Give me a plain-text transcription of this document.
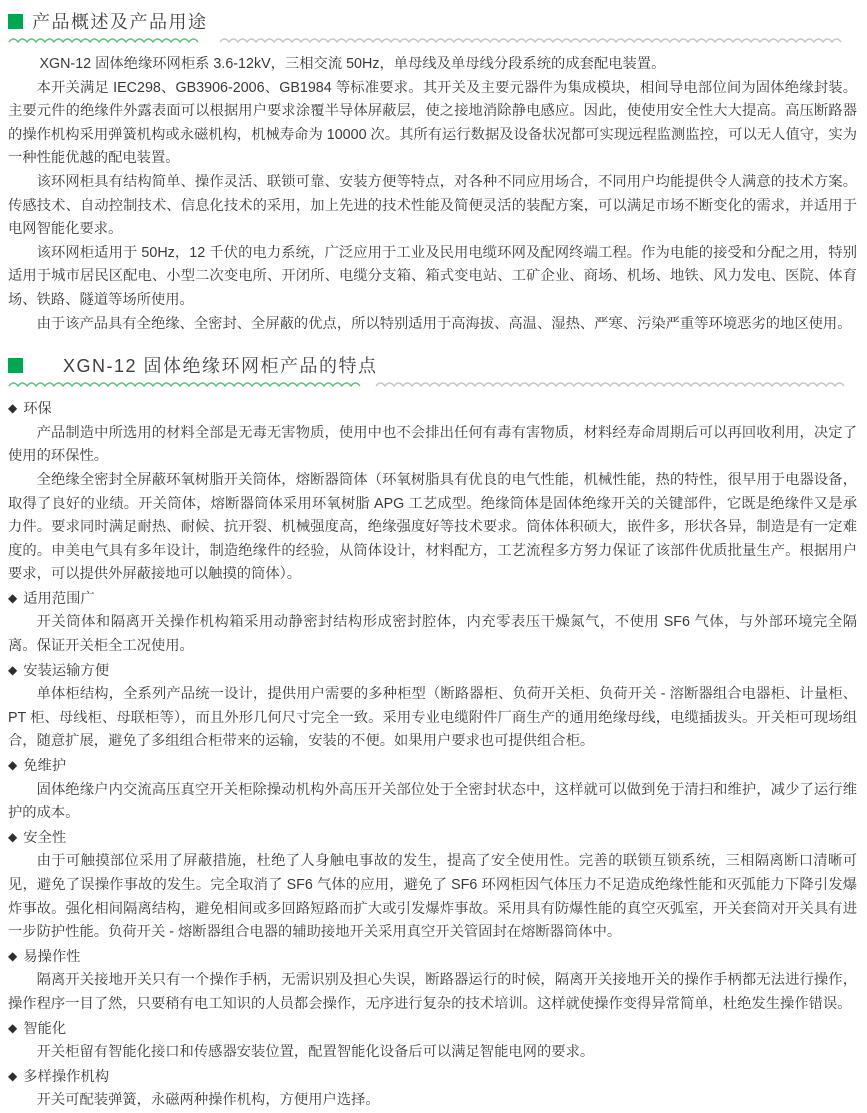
产品概述及产品用途

XGN-12 固体绝缘环网柜系 3.6-12kV，三相交流 50Hz，单母线及单母线分段系统的成套配电装置。

本开关满足 IEC298、GB3906-2006、GB1984 等标准要求。其开关及主要元器件为集成模块，相间导电部位间为固体绝缘封装。主要元件的绝缘件外露表面可以根据用户要求涂覆半导体屏蔽层，使之接地消除静电感应。因此，使使用安全性大大提高。高压断路器的操作机构采用弹簧机构或永磁机构，机械寿命为 10000 次。其所有运行数据及设备状况都可实现远程监测监控，可以无人值守，实为一种性能优越的配电装置。

该环网柜具有结构简单、操作灵活、联锁可靠、安装方便等特点，对各种不同应用场合，不同用户均能提供令人满意的技术方案。传感技术、自动控制技术、信息化技术的采用，加上先进的技术性能及简便灵活的装配方案，可以满足市场不断变化的需求，并适用于电网智能化要求。

该环网柜适用于 50Hz，12 千伏的电力系统，广泛应用于工业及民用电缆环网及配网终端工程。作为电能的接受和分配之用，特别适用于城市居民区配电、小型二次变电所、开闭所、电缆分支箱、箱式变电站、工矿企业、商场、机场、地铁、风力发电、医院、体育场、铁路、隧道等场所使用。

由于该产品具有全绝缘、全密封、全屏蔽的优点，所以特别适用于高海拔、高温、湿热、严寒、污染严重等环境恶劣的地区使用。

XGN-12 固体绝缘环网柜产品的特点
◆ 环保

产品制造中所选用的材料全部是无毒无害物质，使用中也不会排出任何有毒有害物质，材料经寿命周期后可以再回收利用，决定了使用的环保性。

全绝缘全密封全屏蔽环氧树脂开关筒体，熔断器筒体（环氧树脂具有优良的电气性能，机械性能，热的特性，很早用于电器设备，取得了良好的业绩。开关筒体，熔断器筒体采用环氧树脂 APG 工艺成型。绝缘筒体是固体绝缘开关的关键部件，它既是绝缘件又是承力件。要求同时满足耐热、耐候、抗开裂、机械强度高，绝缘强度好等技术要求。筒体体积硕大，嵌件多，形状各异，制造是有一定难度的。申美电气具有多年设计，制造绝缘件的经验，从筒体设计，材料配方，工艺流程多方努力保证了该部件优质批量生产。根据用户要求，可以提供外屏蔽接地可以触摸的筒体）。

◆ 适用范围广

开关筒体和隔离开关操作机构箱采用动静密封结构形成密封腔体，内充零表压干燥氮气，不使用 SF6 气体，与外部环境完全隔离。保证开关柜全工况使用。

◆ 安装运输方便

单体柜结构，全系列产品统一设计，提供用户需要的多种柜型（断路器柜、负荷开关柜、负荷开关 - 溶断器组合电器柜、计量柜、PT 柜、母线柜、母联柜等），而且外形几何尺寸完全一致。采用专业电缆附件厂商生产的通用绝缘母线，电缆插拔头。开关柜可现场组合，随意扩展，避免了多组组合柜带来的运输，安装的不便。如果用户要求也可提供组合柜。

◆ 免维护

固体绝缘户内交流高压真空开关柜除操动机构外高压开关部位处于全密封状态中，这样就可以做到免于清扫和维护，减少了运行维护的成本。

◆ 安全性

由于可触摸部位采用了屏蔽措施，杜绝了人身触电事故的发生，提高了安全使用性。完善的联锁互锁系统，三相隔离断口清晰可见，避免了误操作事故的发生。完全取消了 SF6 气体的应用，避免了 SF6 环网柜因气体压力不足造成绝缘性能和灭弧能力下降引发爆炸事故。强化相间隔离结构，避免相间或多回路短路而扩大或引发爆炸事故。采用具有防爆性能的真空灭弧室，开关套筒对开关具有进一步防护性能。负荷开关 - 熔断器组合电器的辅助接地开关采用真空开关管固封在熔断器筒体中。

◆ 易操作性

隔离开关接地开关只有一个操作手柄，无需识别及担心失误，断路器运行的时候，隔离开关接地开关的操作手柄都无法进行操作，操作程序一目了然，只要稍有电工知识的人员都会操作，无序进行复杂的技术培训。这样就使操作变得异常简单，杜绝发生操作错误。

◆ 智能化

开关柜留有智能化接口和传感器安装位置，配置智能化设备后可以满足智能电网的要求。

◆ 多样操作机构

开关可配装弹簧，永磁两种操作机构，方便用户选择。
